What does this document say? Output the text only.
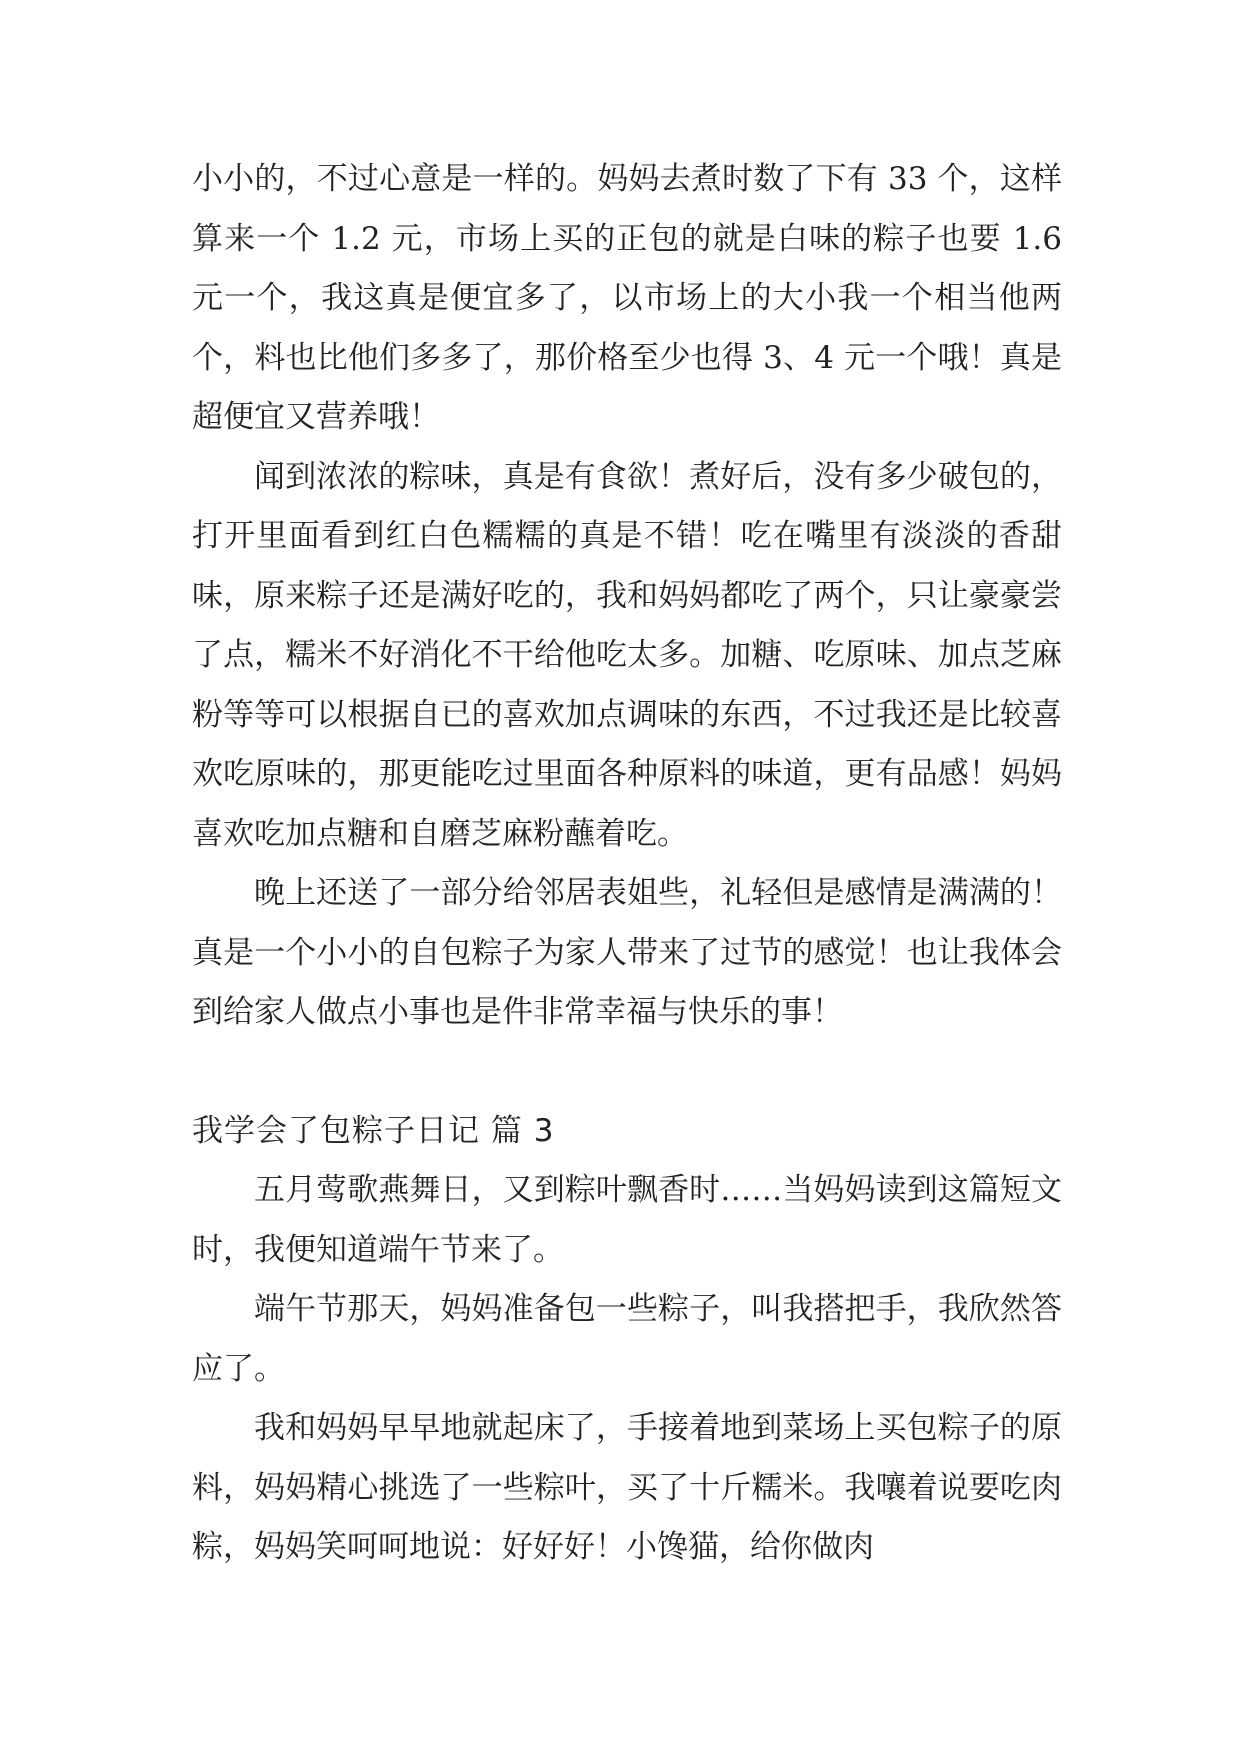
小小的，不过心意是一样的。妈妈去煮时数了下有 33 个，这样算来一个 1.2 元，市场上买的正包的就是白味的粽子也要 1.6 元一个，我这真是便宜多了，以市场上的大小我一个相当他两个，料也比他们多多了，那价格至少也得 3、4 元一个哦！真是超便宜又营养哦！

闻到浓浓的粽味，真是有食欲！煮好后，没有多少破包的，打开里面看到红白色糯糯的真是不错！吃在嘴里有淡淡的香甜味，原来粽子还是满好吃的，我和妈妈都吃了两个，只让豪豪尝了点，糯米不好消化不干给他吃太多。加糖、吃原味、加点芝麻粉等等可以根据自已的喜欢加点调味的东西，不过我还是比较喜欢吃原味的，那更能吃过里面各种原料的味道，更有品感！妈妈喜欢吃加点糖和自磨芝麻粉蘸着吃。

晚上还送了一部分给邻居表姐些，礼轻但是感情是满满的！真是一个小小的自包粽子为家人带来了过节的感觉！也让我体会到给家人做点小事也是件非常幸福与快乐的事！

我学会了包粽子日记 篇 3

五月莺歌燕舞日，又到粽叶飘香时……当妈妈读到这篇短文时，我便知道端午节来了。

端午节那天，妈妈准备包一些粽子，叫我搭把手，我欣然答应了。

我和妈妈早早地就起床了，手接着地到菜场上买包粽子的原料，妈妈精心挑选了一些粽叶，买了十斤糯米。我嚷着说要吃肉粽，妈妈笑呵呵地说：好好好！小馋猫，给你做肉
